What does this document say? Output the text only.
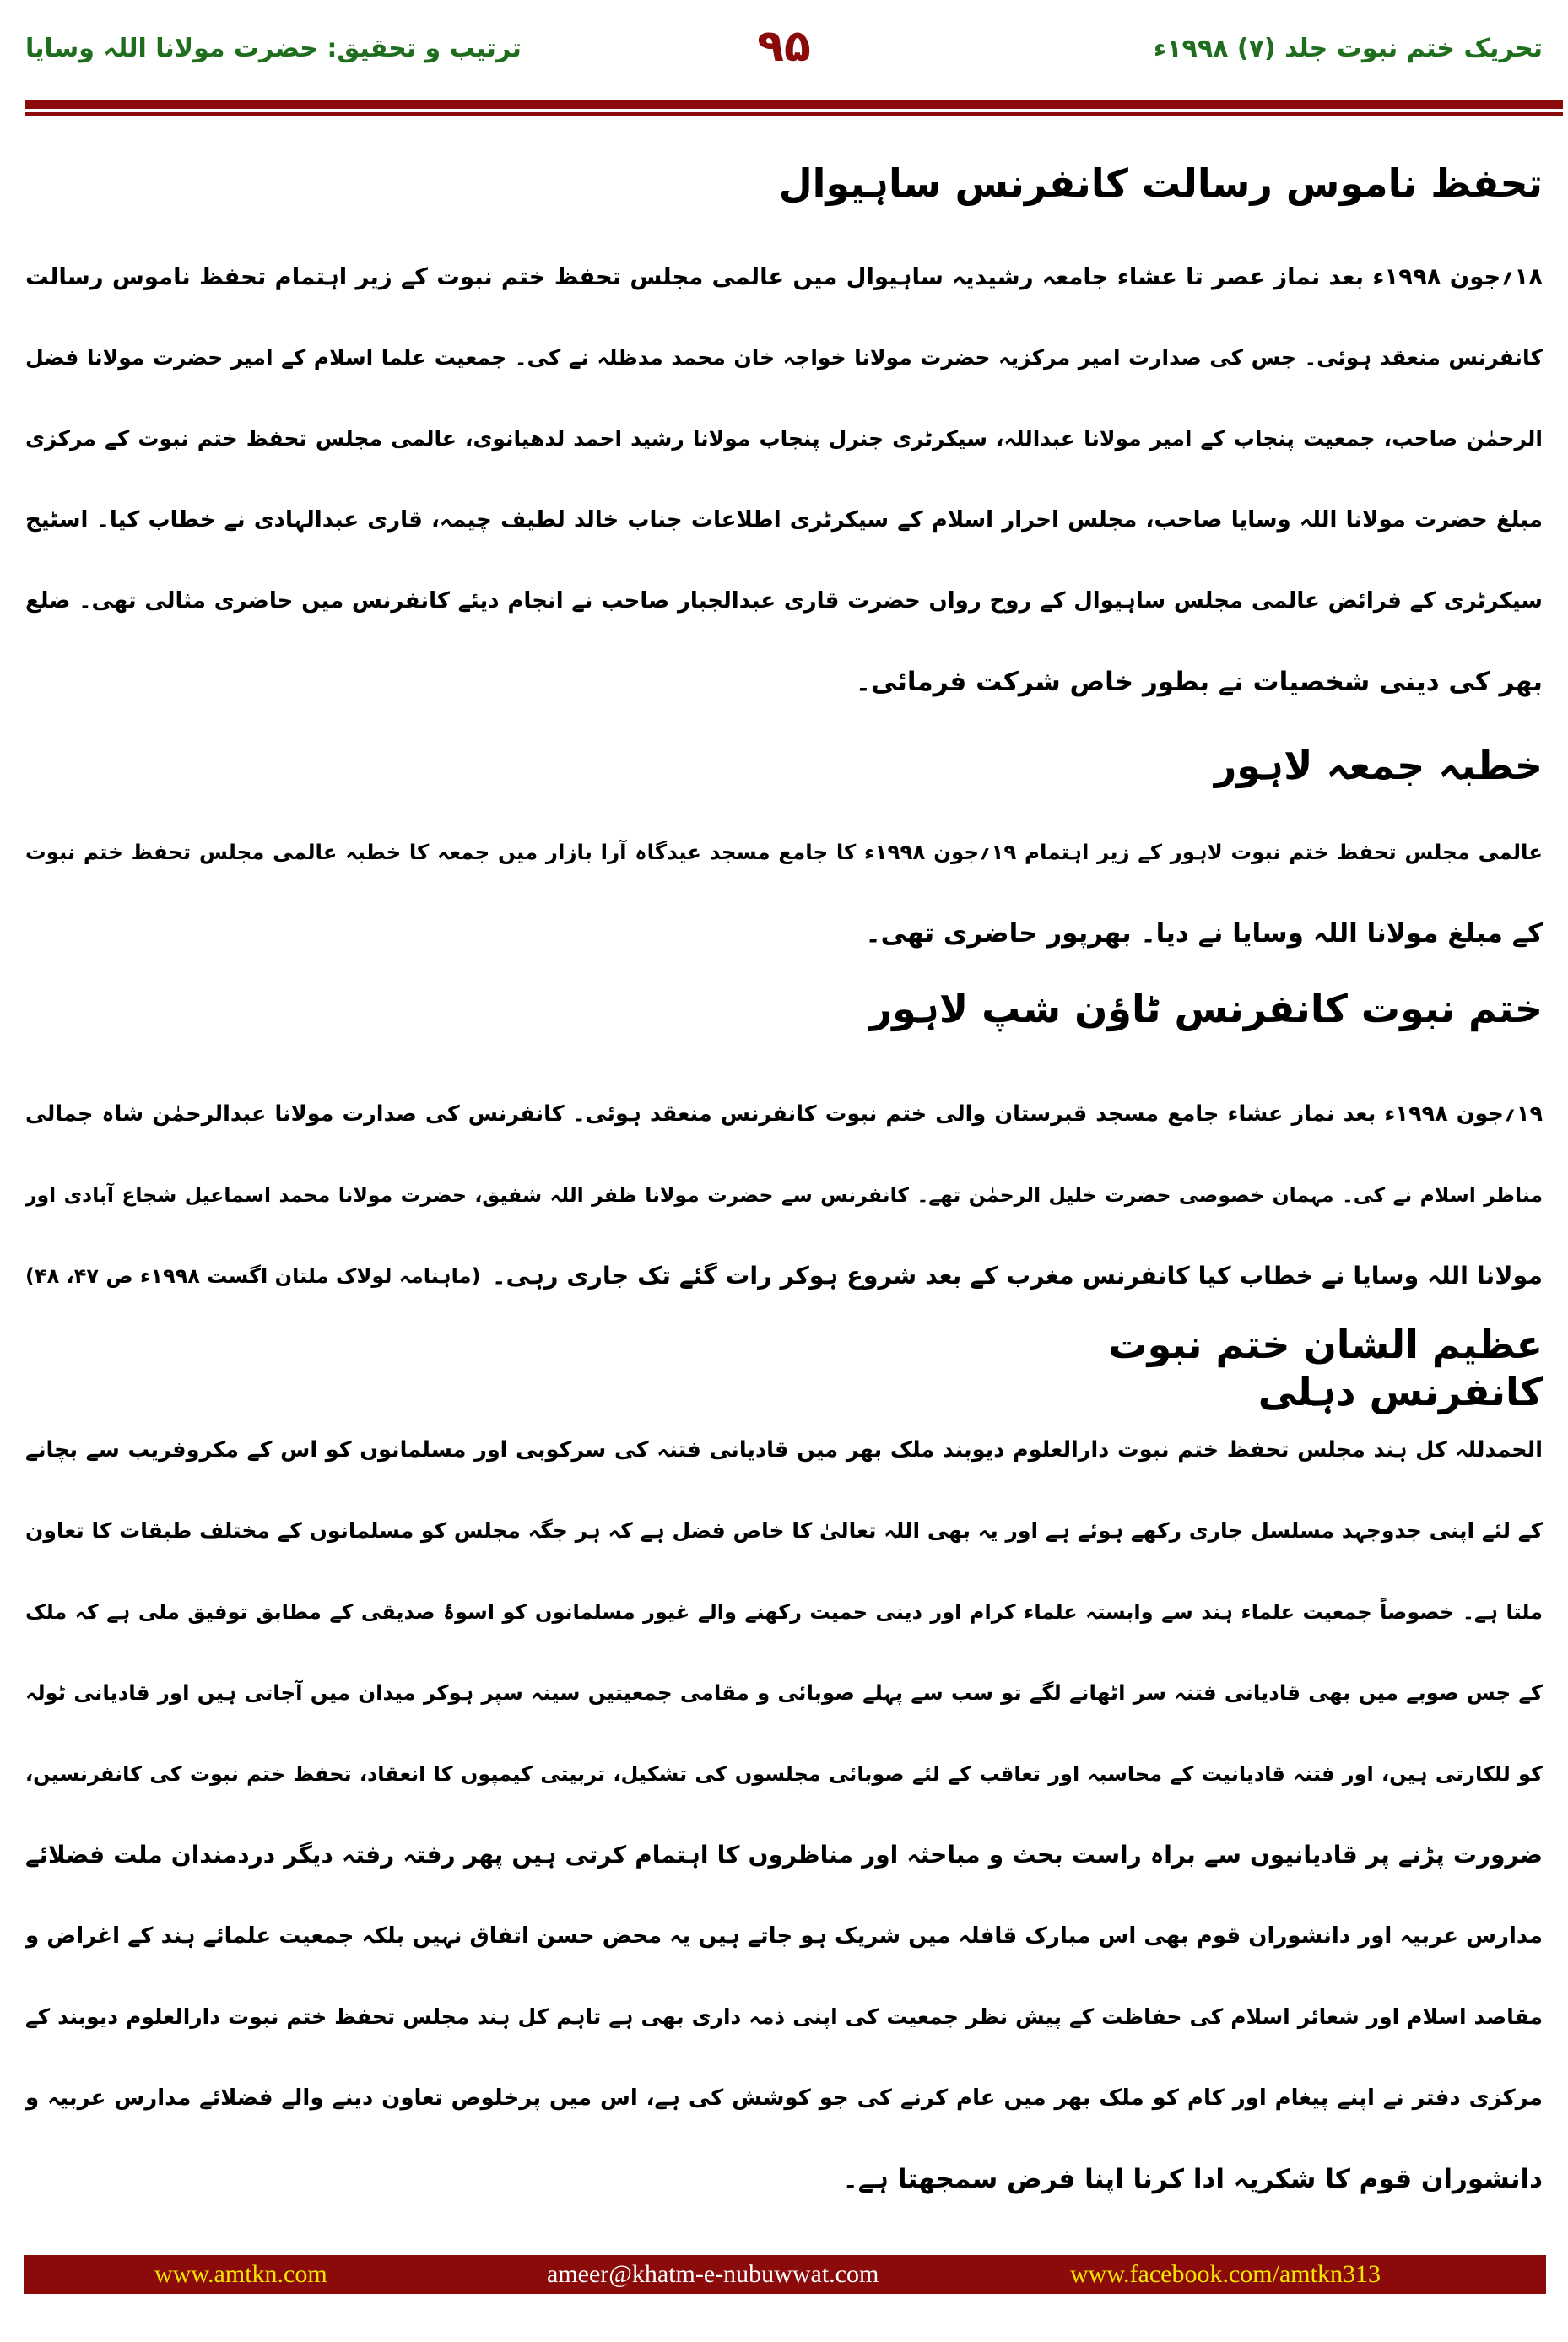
تحریک ختم نبوت جلد (۷) ۱۹۹۸ء
۹۵
ترتیب و تحقیق: حضرت مولانا اللہ وسایا
تحفظ ناموس رسالت کانفرنس ساہیوال
۱۸؍جون ۱۹۹۸ء بعد نماز عصر تا عشاء جامعہ رشیدیہ ساہیوال میں عالمی مجلس تحفظ ختم نبوت کے زیر اہتمام تحفظ ناموس رسالت
کانفرنس منعقد ہوئی۔ جس کی صدارت امیر مرکزیہ حضرت مولانا خواجہ خان محمد مدظلہ نے کی۔ جمعیت علما اسلام کے امیر حضرت مولانا فضل
الرحمٰن صاحب، جمعیت پنجاب کے امیر مولانا عبداللہ، سیکرٹری جنرل پنجاب مولانا رشید احمد لدھیانوی، عالمی مجلس تحفظ ختم نبوت کے مرکزی
مبلغ حضرت مولانا اللہ وسایا صاحب، مجلس احرار اسلام کے سیکرٹری اطلاعات جناب خالد لطیف چیمہ، قاری عبدالہادی نے خطاب کیا۔ اسٹیج
سیکرٹری کے فرائض عالمی مجلس ساہیوال کے روح رواں حضرت قاری عبدالجبار صاحب نے انجام دیئے کانفرنس میں حاضری مثالی تھی۔ ضلع
بھر کی دینی شخصیات نے بطور خاص شرکت فرمائی۔
خطبہ جمعہ لاہور
عالمی مجلس تحفظ ختم نبوت لاہور کے زیر اہتمام ۱۹؍جون ۱۹۹۸ء کا جامع مسجد عیدگاہ آرا بازار میں جمعہ کا خطبہ عالمی مجلس تحفظ ختم نبوت
کے مبلغ مولانا اللہ وسایا نے دیا۔ بھرپور حاضری تھی۔
ختم نبوت کانفرنس ٹاؤن شپ لاہور
۱۹؍جون ۱۹۹۸ء بعد نماز عشاء جامع مسجد قبرستان والی ختم نبوت کانفرنس منعقد ہوئی۔ کانفرنس کی صدارت مولانا عبدالرحمٰن شاہ جمالی
مناظر اسلام نے کی۔ مہمان خصوصی حضرت خلیل الرحمٰن تھے۔ کانفرنس سے حضرت مولانا ظفر اللہ شفیق، حضرت مولانا محمد اسماعیل شجاع آبادی اور
مولانا اللہ وسایا نے خطاب کیا کانفرنس مغرب کے بعد شروع ہوکر رات گئے تک جاری رہی۔
(ماہنامہ لولاک ملتان اگست ۱۹۹۸ء ص ۴۷، ۴۸)
عظیم الشان ختم نبوت کانفرنس دہلی
الحمدللہ کل ہند مجلس تحفظ ختم نبوت دارالعلوم دیوبند ملک بھر میں قادیانی فتنہ کی سرکوبی اور مسلمانوں کو اس کے مکروفریب سے بچانے
کے لئے اپنی جدوجہد مسلسل جاری رکھے ہوئے ہے اور یہ بھی اللہ تعالیٰ کا خاص فضل ہے کہ ہر جگہ مجلس کو مسلمانوں کے مختلف طبقات کا تعاون
ملتا ہے۔ خصوصاً جمعیت علماء ہند سے وابستہ علماء کرام اور دینی حمیت رکھنے والے غیور مسلمانوں کو اسوۂ صدیقی کے مطابق توفیق ملی ہے کہ ملک
کے جس صوبے میں بھی قادیانی فتنہ سر اٹھانے لگے تو سب سے پہلے صوبائی و مقامی جمعیتیں سینہ سپر ہوکر میدان میں آجاتی ہیں اور قادیانی ٹولہ
کو للکارتی ہیں، اور فتنہ قادیانیت کے محاسبہ اور تعاقب کے لئے صوبائی مجلسوں کی تشکیل، تربیتی کیمپوں کا انعقاد، تحفظ ختم نبوت کی کانفرنسیں،
ضرورت پڑنے پر قادیانیوں سے براہ راست بحث و مباحثہ اور مناظروں کا اہتمام کرتی ہیں پھر رفتہ رفتہ دیگر دردمندان ملت فضلائے
مدارس عربیہ اور دانشوران قوم بھی اس مبارک قافلہ میں شریک ہو جاتے ہیں یہ محض حسن اتفاق نہیں بلکہ جمعیت علمائے ہند کے اغراض و
مقاصد اسلام اور شعائر اسلام کی حفاظت کے پیش نظر جمعیت کی اپنی ذمہ داری بھی ہے تاہم کل ہند مجلس تحفظ ختم نبوت دارالعلوم دیوبند کے
مرکزی دفتر نے اپنے پیغام اور کام کو ملک بھر میں عام کرنے کی جو کوشش کی ہے، اس میں پرخلوص تعاون دینے والے فضلائے مدارس عربیہ و
دانشوران قوم کا شکریہ ادا کرنا اپنا فرض سمجھتا ہے۔
www.amtkn.com	ameer@khatm-e-nubuwwat.com	www.facebook.com/amtkn313
